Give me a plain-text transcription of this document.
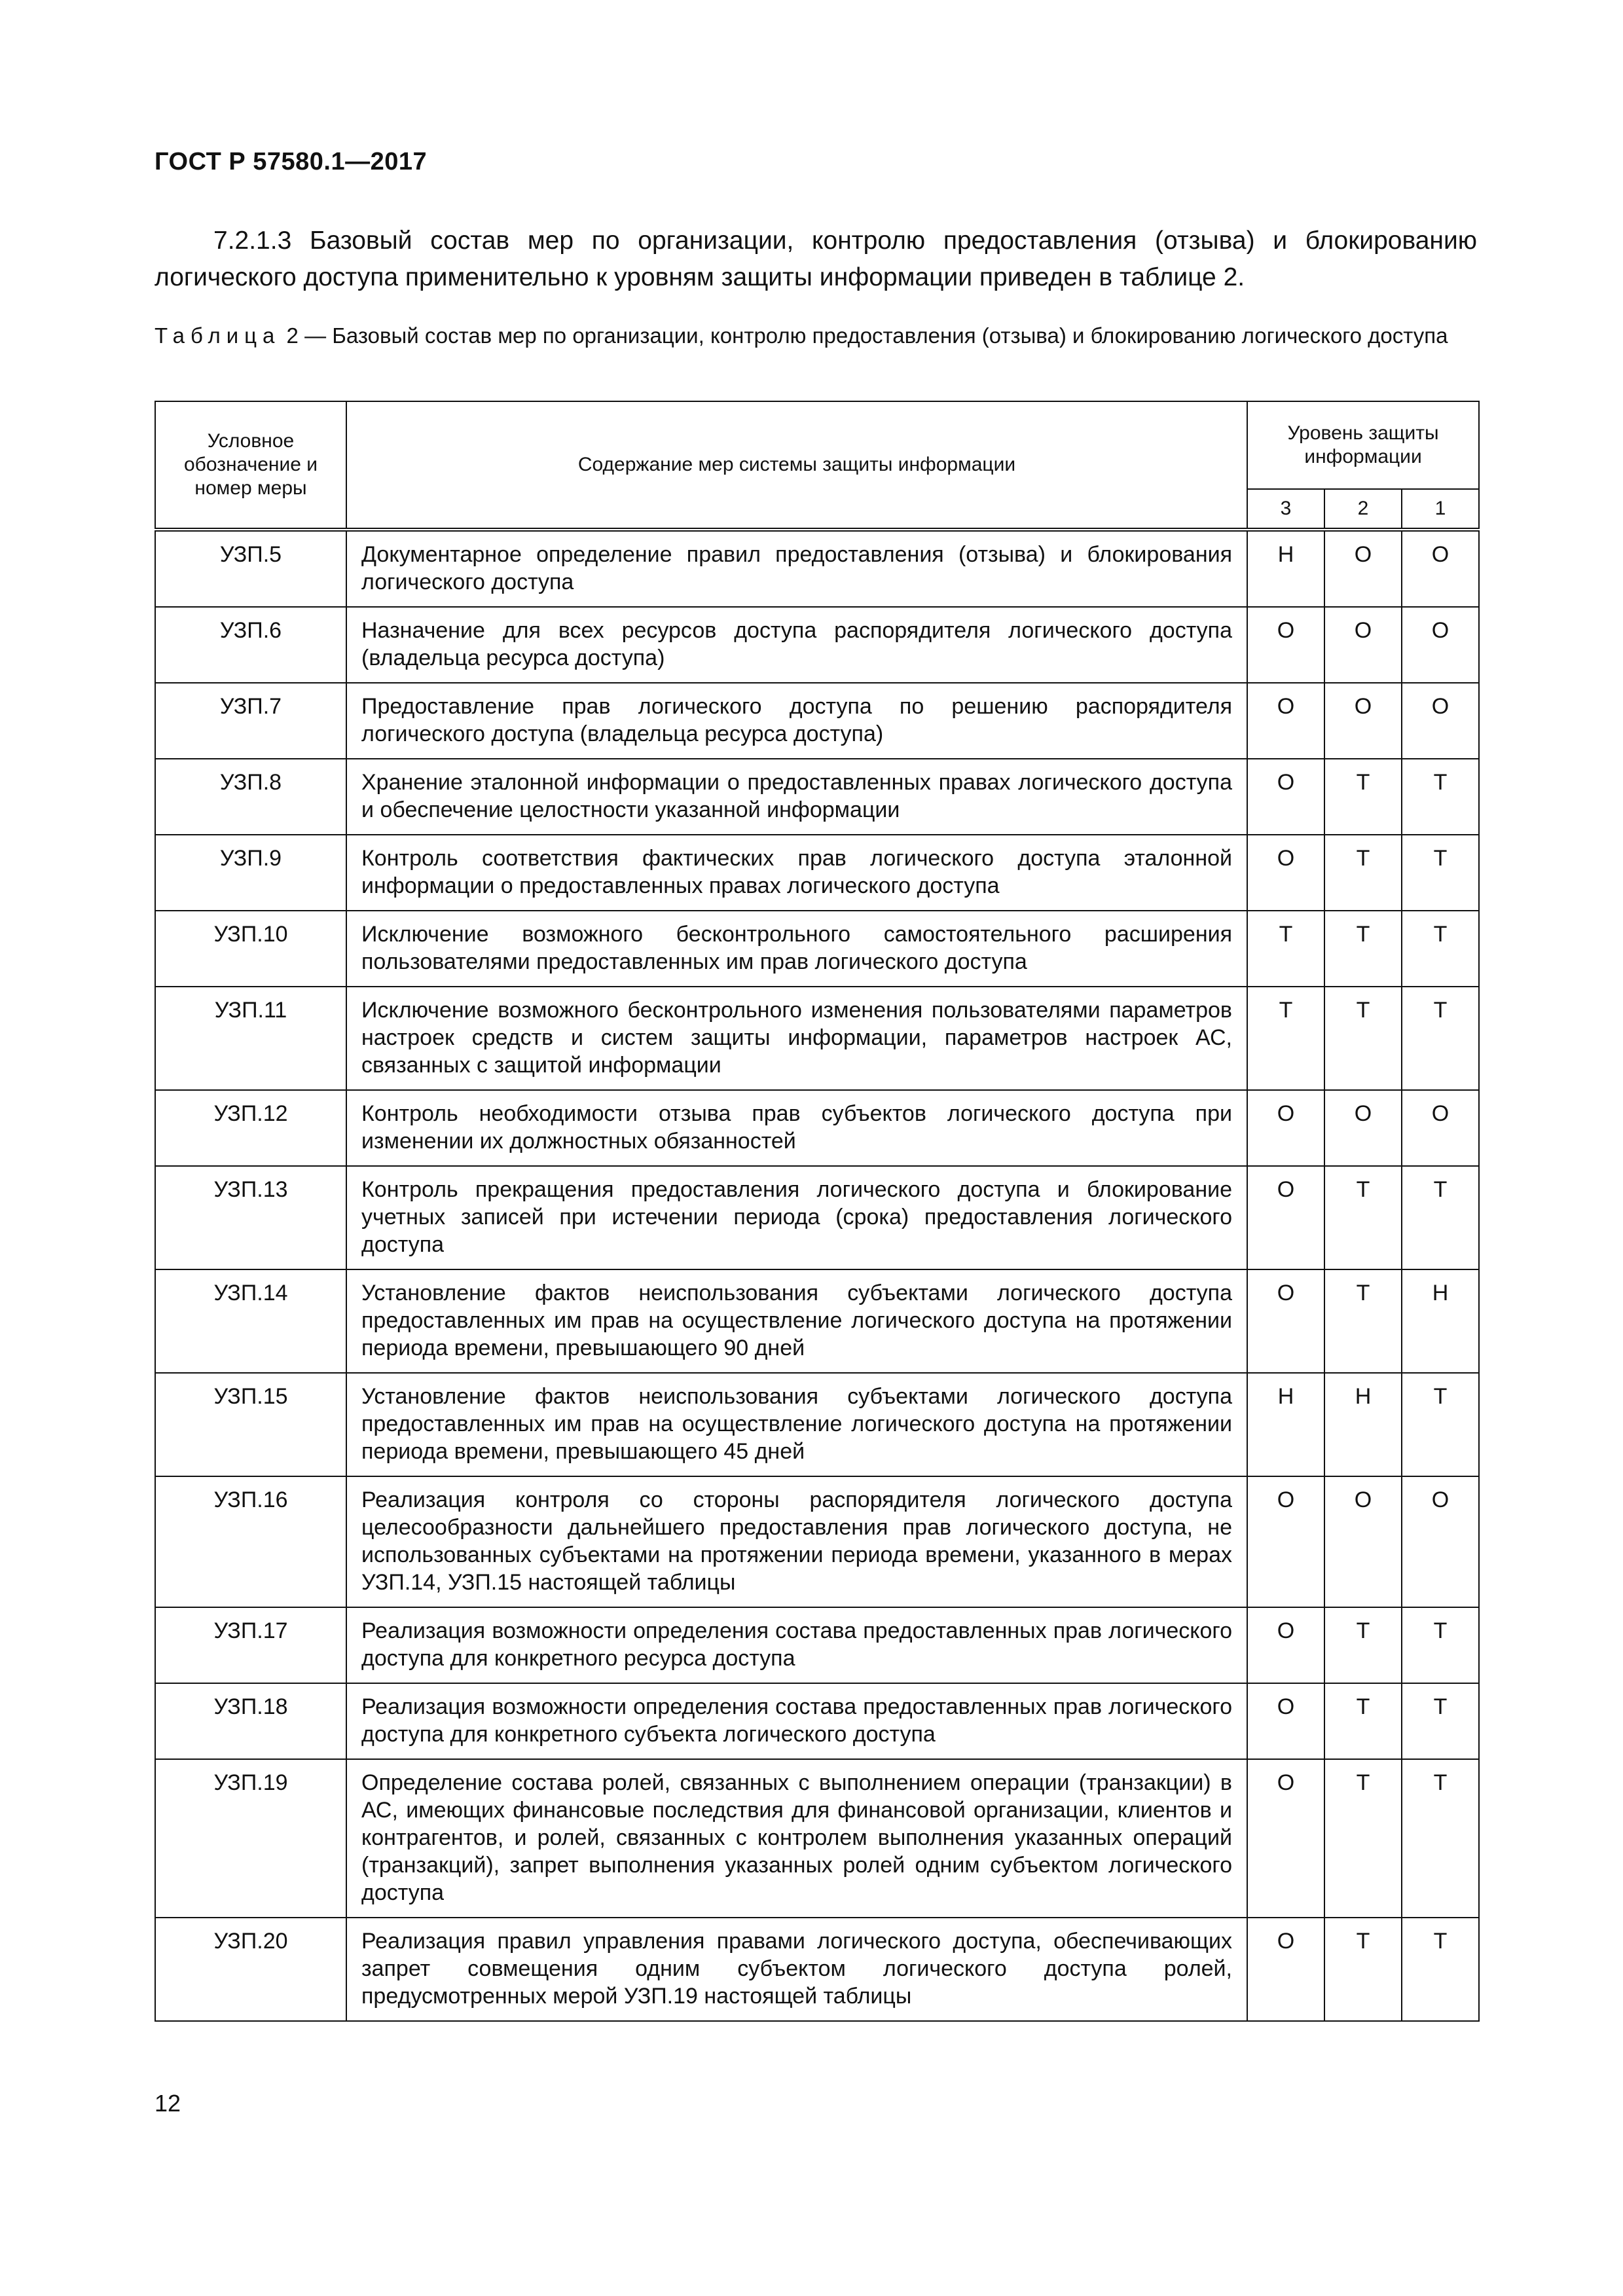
ГОСТ Р 57580.1—2017

7.2.1.3 Базовый состав мер по организации, контролю предоставления (отзыва) и блокированию логического доступа применительно к уровням защиты информации приведен в таблице 2.

Таблица 2 — Базовый состав мер по организации, контролю предоставления (отзыва) и блокированию логического доступа
Условное обозначение и номер меры	Содержание мер системы защиты информации	Уровень защиты информации		
		3	2	1
УЗП.5	Документарное определение правил предоставления (отзыва) и блокирования логического доступа	Н	О	О
УЗП.6	Назначение для всех ресурсов доступа распорядителя логического доступа (владельца ресурса доступа)	О	О	О
УЗП.7	Предоставление прав логического доступа по решению распорядителя логического доступа (владельца ресурса доступа)	О	О	О
УЗП.8	Хранение эталонной информации о предоставленных правах логического доступа и обеспечение целостности указанной информации	О	Т	Т
УЗП.9	Контроль соответствия фактических прав логического доступа эталонной информации о предоставленных правах логического доступа	О	Т	Т
УЗП.10	Исключение возможного бесконтрольного самостоятельного расширения пользователями предоставленных им прав логического доступа	Т	Т	Т
УЗП.11	Исключение возможного бесконтрольного изменения пользователями параметров настроек средств и систем защиты информации, параметров настроек АС, связанных с защитой информации	Т	Т	Т
УЗП.12	Контроль необходимости отзыва прав субъектов логического доступа при изменении их должностных обязанностей	О	О	О
УЗП.13	Контроль прекращения предоставления логического доступа и блокирование учетных записей при истечении периода (срока) предоставления логического доступа	О	Т	Т
УЗП.14	Установление фактов неиспользования субъектами логического доступа предоставленных им прав на осуществление логического доступа на протяжении периода времени, превышающего 90 дней	О	Т	Н
УЗП.15	Установление фактов неиспользования субъектами логического доступа предоставленных им прав на осуществление логического доступа на протяжении периода времени, превышающего 45 дней	Н	Н	Т
УЗП.16	Реализация контроля со стороны распорядителя логического доступа целесообразности дальнейшего предоставления прав логического доступа, не использованных субъектами на протяжении периода времени, указанного в мерах УЗП.14, УЗП.15 настоящей таблицы	О	О	О
УЗП.17	Реализация возможности определения состава предоставленных прав логического доступа для конкретного ресурса доступа	О	Т	Т
УЗП.18	Реализация возможности определения состава предоставленных прав логического доступа для конкретного субъекта логического доступа	О	Т	Т
УЗП.19	Определение состава ролей, связанных с выполнением операции (транзакции) в АС, имеющих финансовые последствия для финансовой организации, клиентов и контрагентов, и ролей, связанных с контролем выполнения указанных операций (транзакций), запрет выполнения указанных ролей одним субъектом логического доступа	О	Т	Т
УЗП.20	Реализация правил управления правами логического доступа, обеспечивающих запрет совмещения одним субъектом логического доступа ролей, предусмотренных мерой УЗП.19 настоящей таблицы	О	Т	Т
12
